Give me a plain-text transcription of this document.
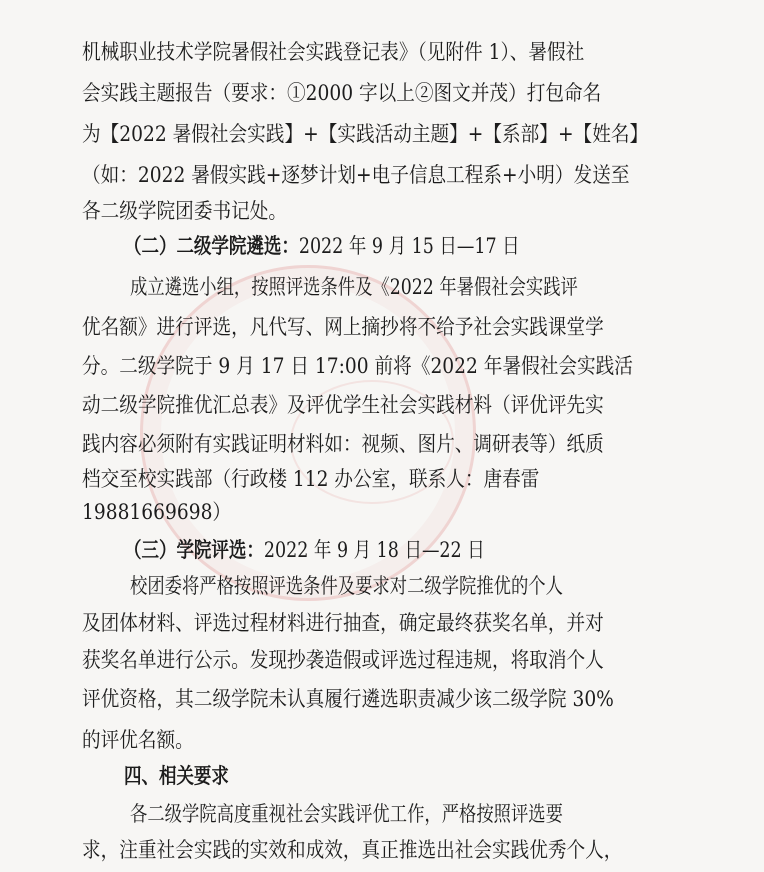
机械职业技术学院暑假社会实践登记表》（见附件 1）、暑假社
会实践主题报告（要求：①2000 字以上②图文并茂）打包命名
为【2022 暑假社会实践】+【实践活动主题】+【系部】+【姓名】
（如：2022 暑假实践+逐梦计划+电子信息工程系+小明）发送至
各二级学院团委书记处。
（二）二级学院遴选：2022 年 9 月 15 日—17 日
成立遴选小组，按照评选条件及《2022 年暑假社会实践评
优名额》进行评选，凡代写、网上摘抄将不给予社会实践课堂学
分。二级学院于 9 月 17 日 17:00 前将《2022 年暑假社会实践活
动二级学院推优汇总表》及评优学生社会实践材料（评优评先实
践内容必须附有实践证明材料如：视频、图片、调研表等）纸质
档交至校实践部（行政楼 112 办公室，联系人：唐春雷
19881669698）
（三）学院评选：2022 年 9 月 18 日—22 日
校团委将严格按照评选条件及要求对二级学院推优的个人
及团体材料、评选过程材料进行抽查，确定最终获奖名单，并对
获奖名单进行公示。发现抄袭造假或评选过程违规，将取消个人
评优资格，其二级学院未认真履行遴选职责减少该二级学院 30%
的评优名额。
四、相关要求
各二级学院高度重视社会实践评优工作，严格按照评选要
求，注重社会实践的实效和成效，真正推选出社会实践优秀个人，
